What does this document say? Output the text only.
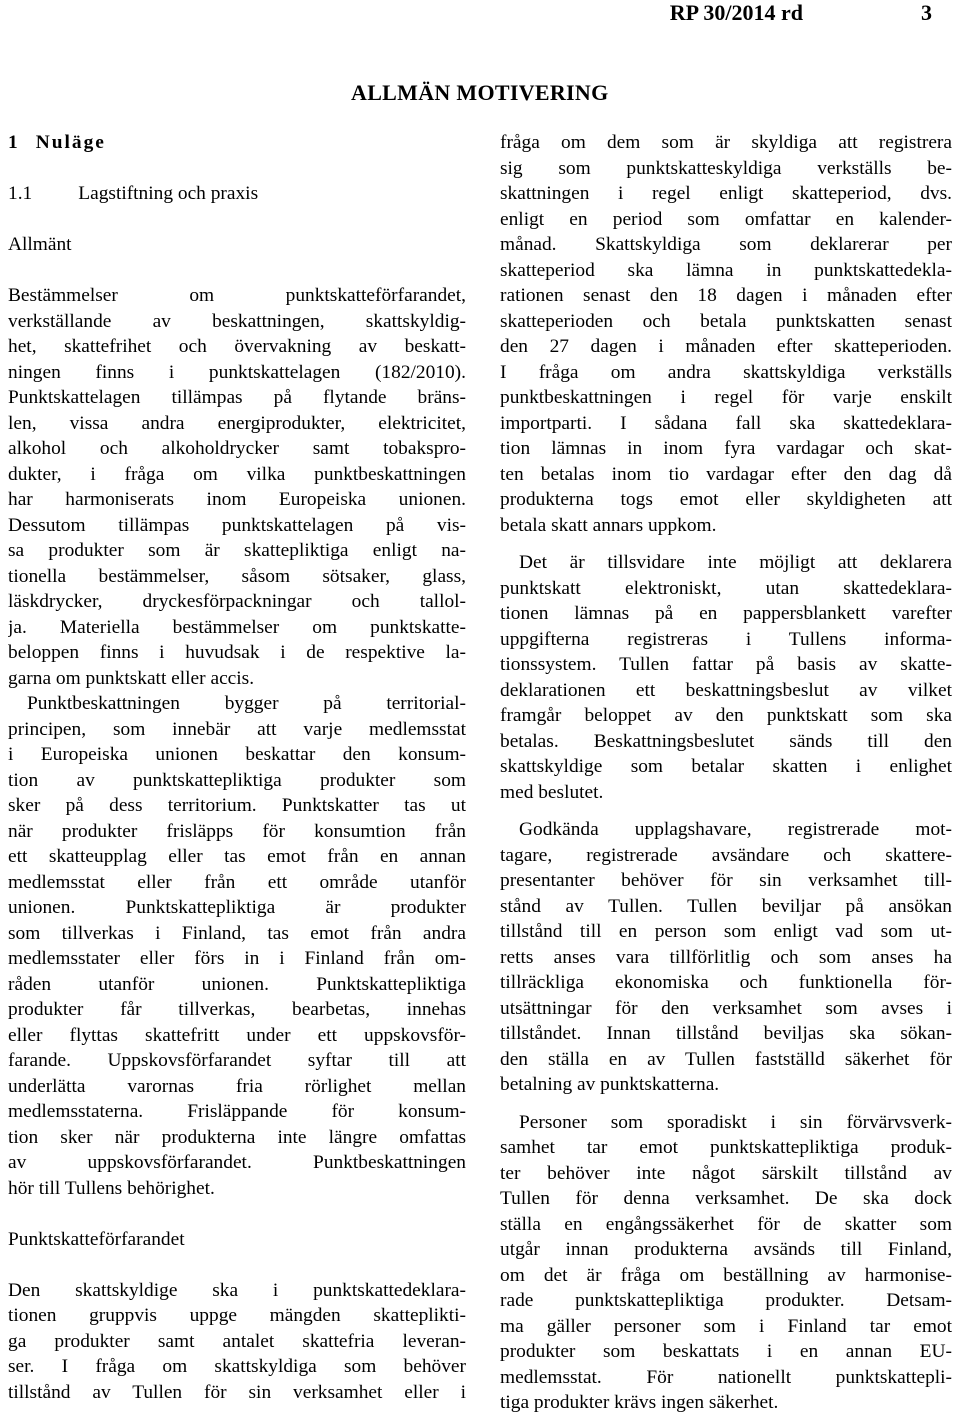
RP 30/2014 rd	3
ALLMÄN MOTIVERING
1 Nuläge
1.1 Lagstiftning och praxis
Allmänt
Bestämmelser om punktskatteförfarandet,
verkställande av beskattningen, skattskyldig-
het, skattefrihet och övervakning av beskatt-
ningen finns i punktskattelagen (182/2010).
Punktskattelagen tillämpas på flytande bräns-
len, vissa andra energiprodukter, elektricitet,
alkohol och alkoholdrycker samt tobakspro-
dukter, i fråga om vilka punktbeskattningen
har harmoniserats inom Europeiska unionen.
Dessutom tillämpas punktskattelagen på vis-
sa produkter som är skattepliktiga enligt na-
tionella bestämmelser, såsom sötsaker, glass,
läskdrycker, dryckesförpackningar och tallol-
ja. Materiella bestämmelser om punktskatte-
beloppen finns i huvudsak i de respektive la-
garna om punktskatt eller accis.
Punktbeskattningen bygger på territorial-
principen, som innebär att varje medlemsstat
i Europeiska unionen beskattar den konsum-
tion av punktskattepliktiga produkter som
sker på dess territorium. Punktskatter tas ut
när produkter frisläpps för konsumtion från
ett skatteupplag eller tas emot från en annan
medlemsstat eller från ett område utanför
unionen. Punktskattepliktiga är produkter
som tillverkas i Finland, tas emot från andra
medlemsstater eller förs in i Finland från om-
råden utanför unionen. Punktskattepliktiga
produkter får tillverkas, bearbetas, innehas
eller flyttas skattefritt under ett uppskovsför-
farande. Uppskovsförfarandet syftar till att
underlätta varornas fria rörlighet mellan
medlemsstaterna. Frisläppande för konsum-
tion sker när produkterna inte längre omfattas
av uppskovsförfarandet. Punktbeskattningen
hör till Tullens behörighet.
Punktskatteförfarandet
Den skattskyldige ska i punktskattedeklara-
tionen gruppvis uppge mängden skatteplikti-
ga produkter samt antalet skattefria leveran-
ser. I fråga om skattskyldiga som behöver
tillstånd av Tullen för sin verksamhet eller i
fråga om dem som är skyldiga att registrera
sig som punktskatteskyldiga verkställs be-
skattningen i regel enligt skatteperiod, dvs.
enligt en period som omfattar en kalender-
månad. Skattskyldiga som deklarerar per
skatteperiod ska lämna in punktskattedekla-
rationen senast den 18 dagen i månaden efter
skatteperioden och betala punktskatten senast
den 27 dagen i månaden efter skatteperioden.
I fråga om andra skattskyldiga verkställs
punktbeskattningen i regel för varje enskilt
importparti. I sådana fall ska skattedeklara-
tion lämnas in inom fyra vardagar och skat-
ten betalas inom tio vardagar efter den dag då
produkterna togs emot eller skyldigheten att
betala skatt annars uppkom.
Det är tillsvidare inte möjligt att deklarera
punktskatt elektroniskt, utan skattedeklara-
tionen lämnas på en pappersblankett varefter
uppgifterna registreras i Tullens informa-
tionssystem. Tullen fattar på basis av skatte-
deklarationen ett beskattningsbeslut av vilket
framgår beloppet av den punktskatt som ska
betalas. Beskattningsbeslutet sänds till den
skattskyldige som betalar skatten i enlighet
med beslutet.
Godkända upplagshavare, registrerade mot-
tagare, registrerade avsändare och skattere-
presentanter behöver för sin verksamhet till-
stånd av Tullen. Tullen beviljar på ansökan
tillstånd till en person som enligt vad som ut-
retts anses vara tillförlitlig och som anses ha
tillräckliga ekonomiska och funktionella för-
utsättningar för den verksamhet som avses i
tillståndet. Innan tillstånd beviljas ska sökan-
den ställa en av Tullen fastställd säkerhet för
betalning av punktskatterna.
Personer som sporadiskt i sin förvärvsverk-
samhet tar emot punktskattepliktiga produk-
ter behöver inte något särskilt tillstånd av
Tullen för denna verksamhet. De ska dock
ställa en engångssäkerhet för de skatter som
utgår innan produkterna avsänds till Finland,
om det är fråga om beställning av harmonise-
rade punktskattepliktiga produkter. Detsam-
ma gäller personer som i Finland tar emot
produkter som beskattats i en annan EU-
medlemsstat. För nationellt punktskattepli-
tiga produkter krävs ingen säkerhet.
